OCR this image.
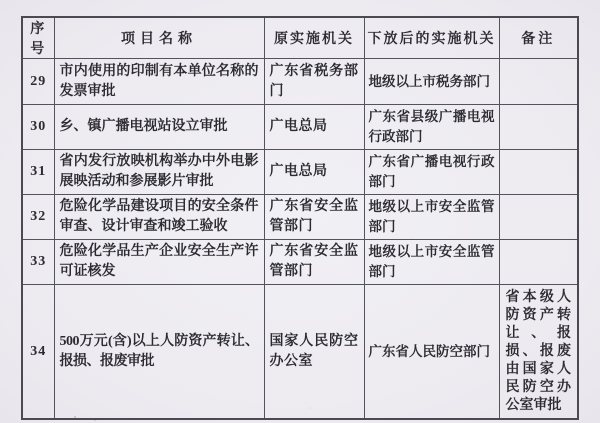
序号	项目名称	原实施机关	下放后的实施机关	备注
29	市内使用的印制有本单位名称的发票审批	广东省税务部门	地级以上市税务部门	
30	乡、镇广播电视站设立审批	广电总局	广东省县级广播电视行政部门	
31	省内发行放映机构举办中外电影展映活动和参展影片审批	广电总局	广东省广播电视行政部门	
32	危险化学品建设项目的安全条件审查、设计审查和竣工验收	广东省安全监管部门	地级以上市安全监管部门	
33	危险化学品生产企业安全生产许可证核发	广东省安全监管部门	地级以上市安全监管部门	
34	500万元(含)以上人防资产转让、报损、报废审批	国家人民防空办公室	广东省人民防空部门	省本级人防资产转让、报损、报废由国家人民防空办公室审批
